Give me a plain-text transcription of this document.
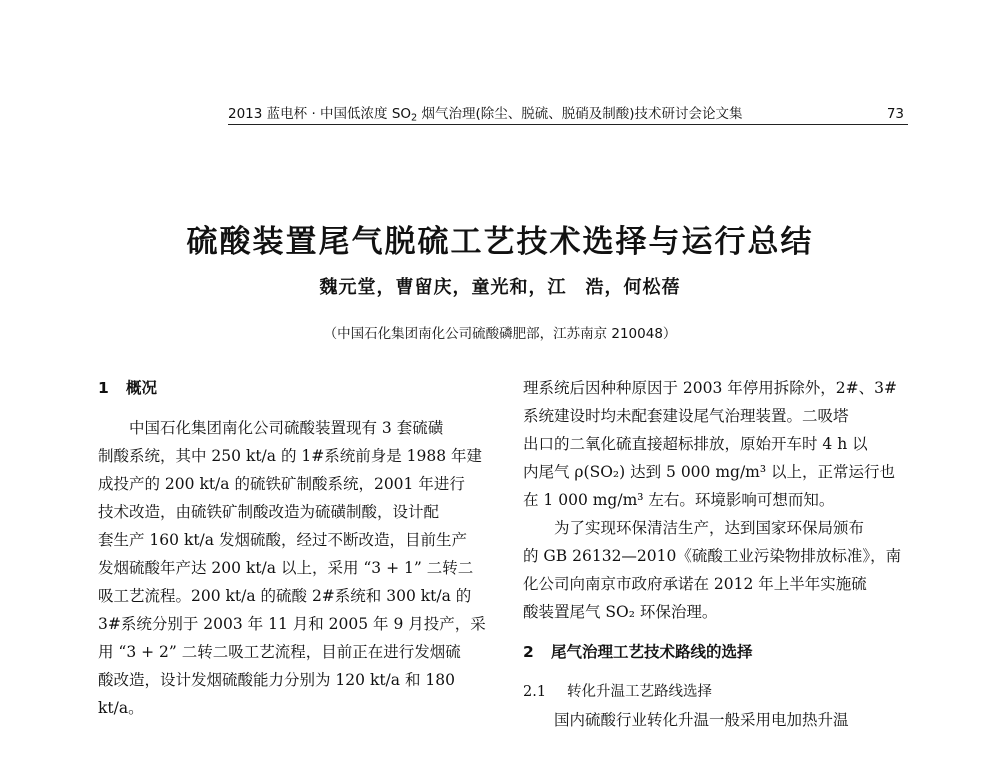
2013 蓝电杯 · 中国低浓度 $SO_2$ 烟气治理(除尘、脱硫、脱硝及制酸)技术研讨会论文集	73
硫酸装置尾气脱硫工艺技术选择与运行总结
魏元堂，曹留庆，童光和，江　浩，何松蓓
（中国石化集团南化公司硫酸磷肥部，江苏南京 210048）
1 概况
　　中国石化集团南化公司硫酸装置现有 3 套硫磺
制酸系统，其中 250 kt/a 的 1#系统前身是 1988 年建
成投产的 200 kt/a 的硫铁矿制酸系统，2001 年进行
技术改造，由硫铁矿制酸改造为硫磺制酸，设计配
套生产 160 kt/a 发烟硫酸，经过不断改造，目前生产
发烟硫酸年产达 200 kt/a 以上，采用 “3 + 1” 二转二
吸工艺流程。200 kt/a 的硫酸 2#系统和 300 kt/a 的
3#系统分别于 2003 年 11 月和 2005 年 9 月投产，采
用 “3 + 2” 二转二吸工艺流程，目前正在进行发烟硫
酸改造，设计发烟硫酸能力分别为 120 kt/a 和 180
kt/a。
理系统后因种种原因于 2003 年停用拆除外，2#、3#
系统建设时均未配套建设尾气治理装置。二吸塔
出口的二氧化硫直接超标排放，原始开车时 4 h 以
内尾气 ρ(SO₂) 达到 5 000 mg/m³ 以上，正常运行也
在 1 000 mg/m³ 左右。环境影响可想而知。
　　为了实现环保清洁生产，达到国家环保局颁布
的 GB 26132—2010《硫酸工业污染物排放标准》，南
化公司向南京市政府承诺在 2012 年上半年实施硫
酸装置尾气 SO₂ 环保治理。
2 尾气治理工艺技术路线的选择
2.1 转化升温工艺路线选择
　　国内硫酸行业转化升温一般采用电加热升温
